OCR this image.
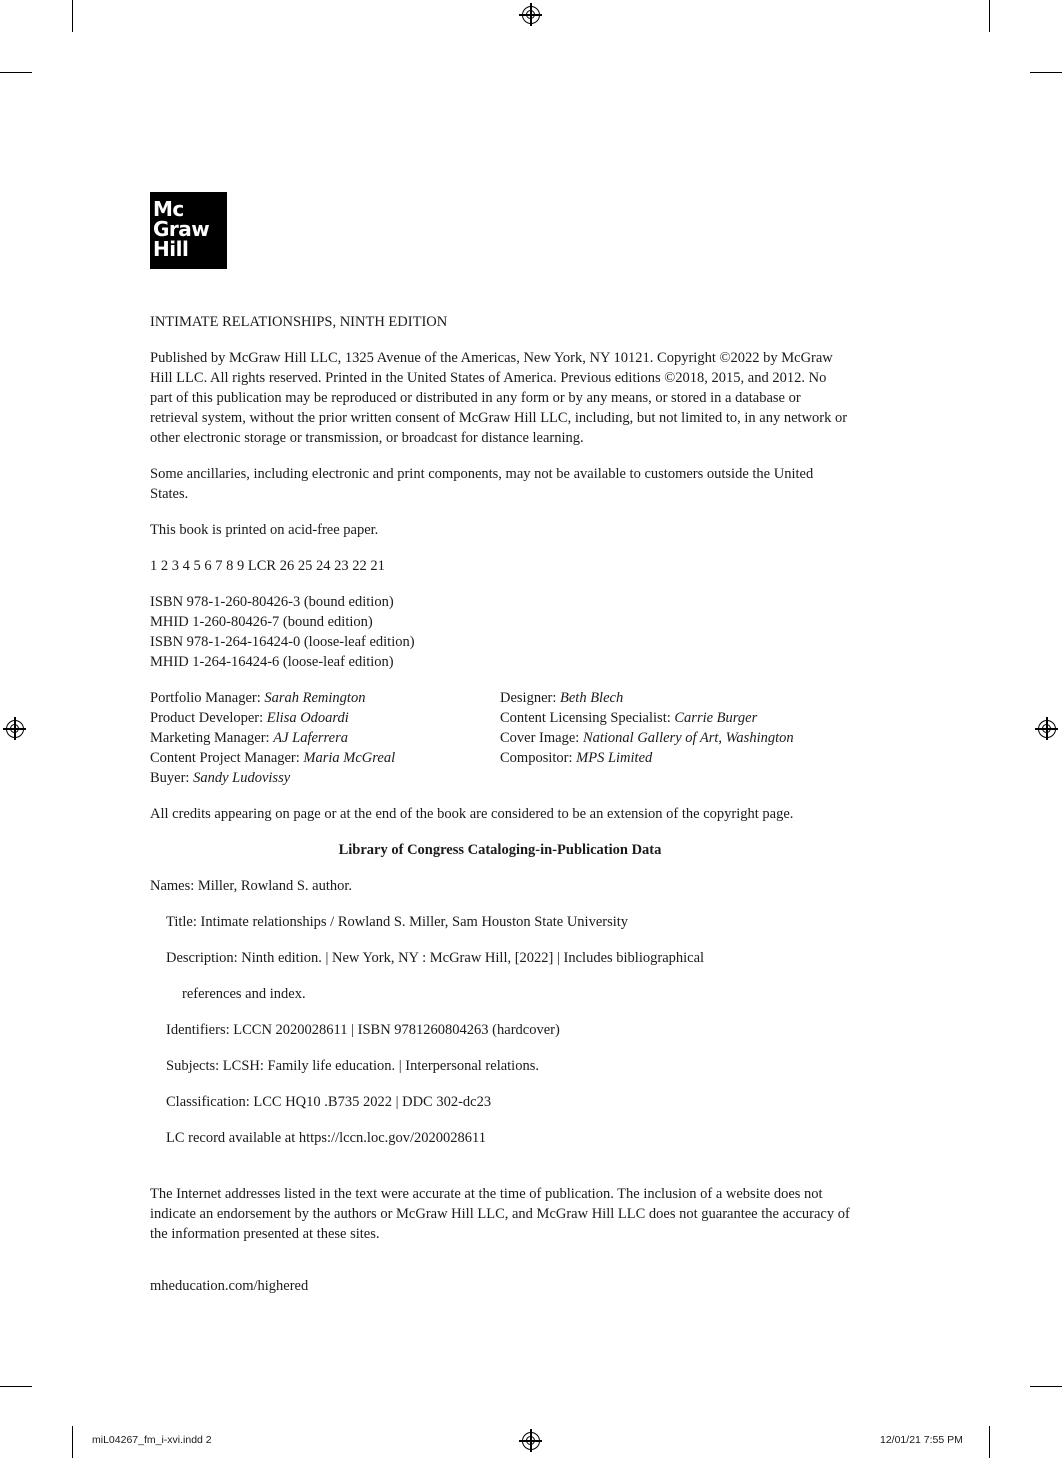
Mc
Graw
Hill

INTIMATE RELATIONSHIPS, NINTH EDITION

Published by McGraw Hill LLC, 1325 Avenue of the Americas, New York, NY 10121. Copyright ©2022 by McGraw Hill LLC. All rights reserved. Printed in the United States of America. Previous editions ©2018, 2015, and 2012. No part of this publication may be reproduced or distributed in any form or by any means, or stored in a database or retrieval system, without the prior written consent of McGraw Hill LLC, including, but not limited to, in any network or other electronic storage or transmission, or broadcast for distance learning.

Some ancillaries, including electronic and print components, may not be available to customers outside the United States.

This book is printed on acid-free paper.

1 2 3 4 5 6 7 8 9 LCR 26 25 24 23 22 21

ISBN 978-1-260-80426-3 (bound edition)
MHID 1-260-80426-7 (bound edition)
ISBN 978-1-264-16424-0 (loose-leaf edition)
MHID 1-264-16424-6 (loose-leaf edition)

Portfolio Manager: Sarah Remington
Product Developer: Elisa Odoardi
Marketing Manager: AJ Laferrera
Content Project Manager: Maria McGreal
Buyer: Sandy Ludovissy
Designer: Beth Blech
Content Licensing Specialist: Carrie Burger
Cover Image: National Gallery of Art, Washington
Compositor: MPS Limited

All credits appearing on page or at the end of the book are considered to be an extension of the copyright page.

Library of Congress Cataloging-in-Publication Data

Names: Miller, Rowland S. author.

Title: Intimate relationships / Rowland S. Miller, Sam Houston State University

Description: Ninth edition. | New York, NY : McGraw Hill, [2022] | Includes bibliographical

references and index.

Identifiers: LCCN 2020028611 | ISBN 9781260804263 (hardcover)

Subjects: LCSH: Family life education. | Interpersonal relations.

Classification: LCC HQ10 .B735 2022 | DDC 302-dc23

LC record available at https://lccn.loc.gov/2020028611

The Internet addresses listed in the text were accurate at the time of publication. The inclusion of a website does not indicate an endorsement by the authors or McGraw Hill LLC, and McGraw Hill LLC does not guarantee the accuracy of the information presented at these sites.

mheducation.com/highered
miL04267_fm_i-xvi.indd 2	12/01/21 7:55 PM
